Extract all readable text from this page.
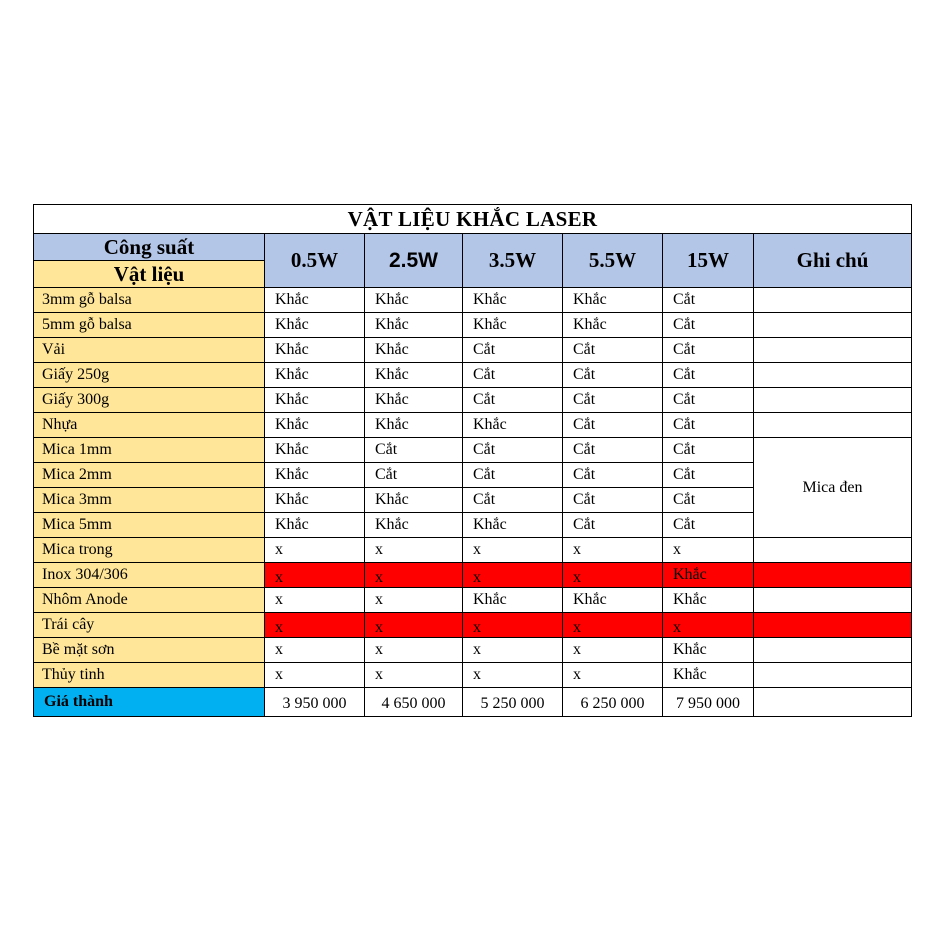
VẬT LIỆU KHẮC LASER						
Công suất	0.5W	2.5W	3.5W	5.5W	15W	Ghi chú
Vật liệu						
3mm gỗ balsa	Khắc	Khắc	Khắc	Khắc	Cắt	
5mm gỗ balsa	Khắc	Khắc	Khắc	Khắc	Cắt	
Vải	Khắc	Khắc	Cắt	Cắt	Cắt	
Giấy 250g	Khắc	Khắc	Cắt	Cắt	Cắt	
Giấy 300g	Khắc	Khắc	Cắt	Cắt	Cắt	
Nhựa	Khắc	Khắc	Khắc	Cắt	Cắt	
Mica 1mm	Khắc	Cắt	Cắt	Cắt	Cắt	Mica đen
Mica 2mm	Khắc	Cắt	Cắt	Cắt	Cắt	
Mica 3mm	Khắc	Khắc	Cắt	Cắt	Cắt	
Mica 5mm	Khắc	Khắc	Khắc	Cắt	Cắt	
Mica trong	x	x	x	x	x	
Inox 304/306	x	x	x	x	Khắc	
Nhôm Anode	x	x	Khắc	Khắc	Khắc	
Trái cây	x	x	x	x	x	
Bề mặt sơn	x	x	x	x	Khắc	
Thủy tinh	x	x	x	x	Khắc	
Giá thành	3 950 000	4 650 000	5 250 000	6 250 000	7 950 000	
